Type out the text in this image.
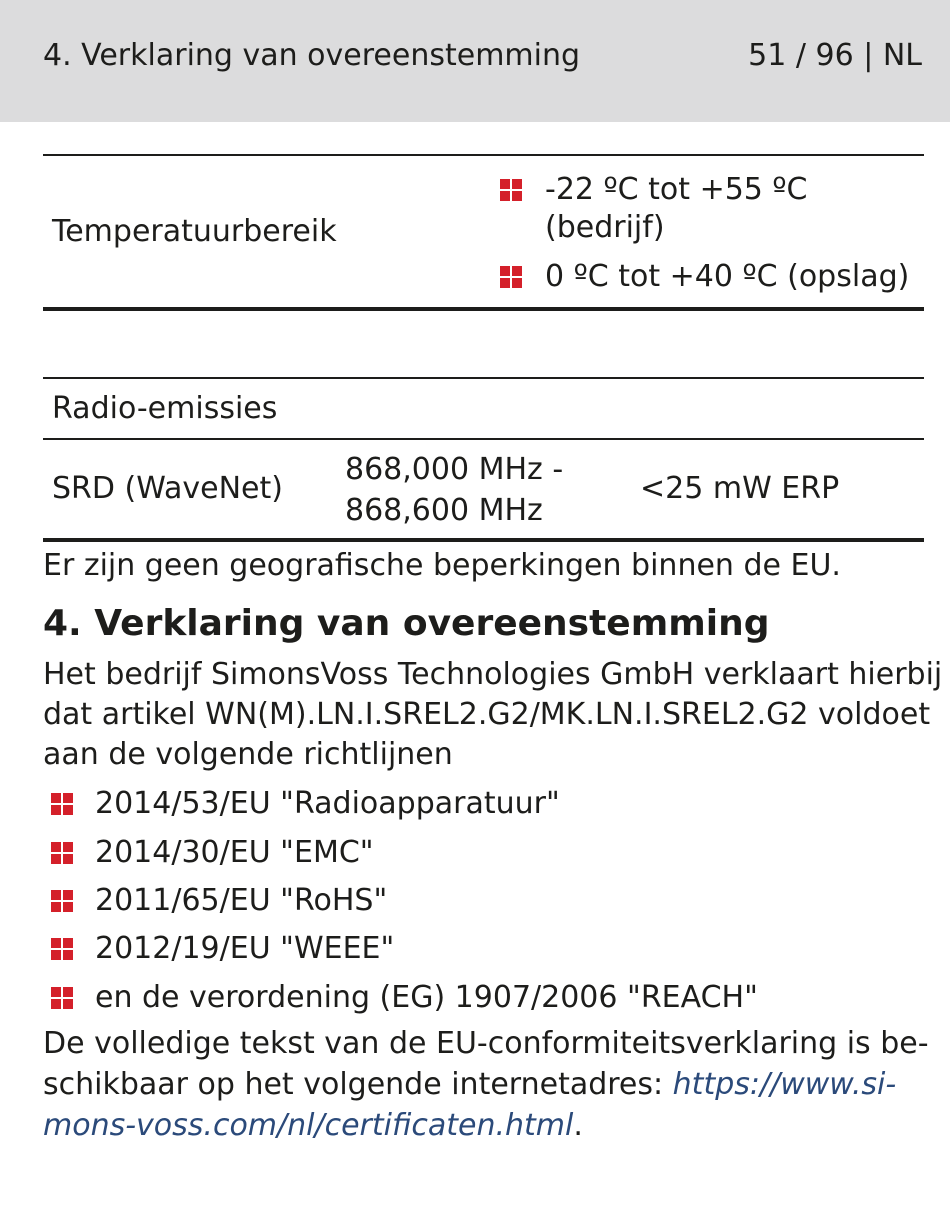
4. Verklaring van overeenstemming	51 / 96 | NL
Temperatuurbereik
-22 ºC tot +55 ºC
(bedrijf)
0 ºC tot +40 ºC (opslag)
Radio-emissies
SRD (WaveNet)
868,000 MHz -
868,600 MHz
<25 mW ERP
Er zijn geen geografische beperkingen binnen de EU.
4. Verklaring van overeenstemming
Het bedrijf SimonsVoss Technologies GmbH verklaart hierbij
dat artikel WN(M).LN.I.SREL2.G2/MK.LN.I.SREL2.G2 voldoet
aan de volgende richtlijnen
2014/53/EU "Radioapparatuur"
2014/30/EU "EMC"
2011/65/EU "RoHS"
2012/19/EU "WEEE"
en de verordening (EG) 1907/2006 "REACH"
De volledige tekst van de EU-conformiteitsverklaring is be-
schikbaar op het volgende internetadres: https://www.si-
mons-voss.com/nl/certificaten.html.
